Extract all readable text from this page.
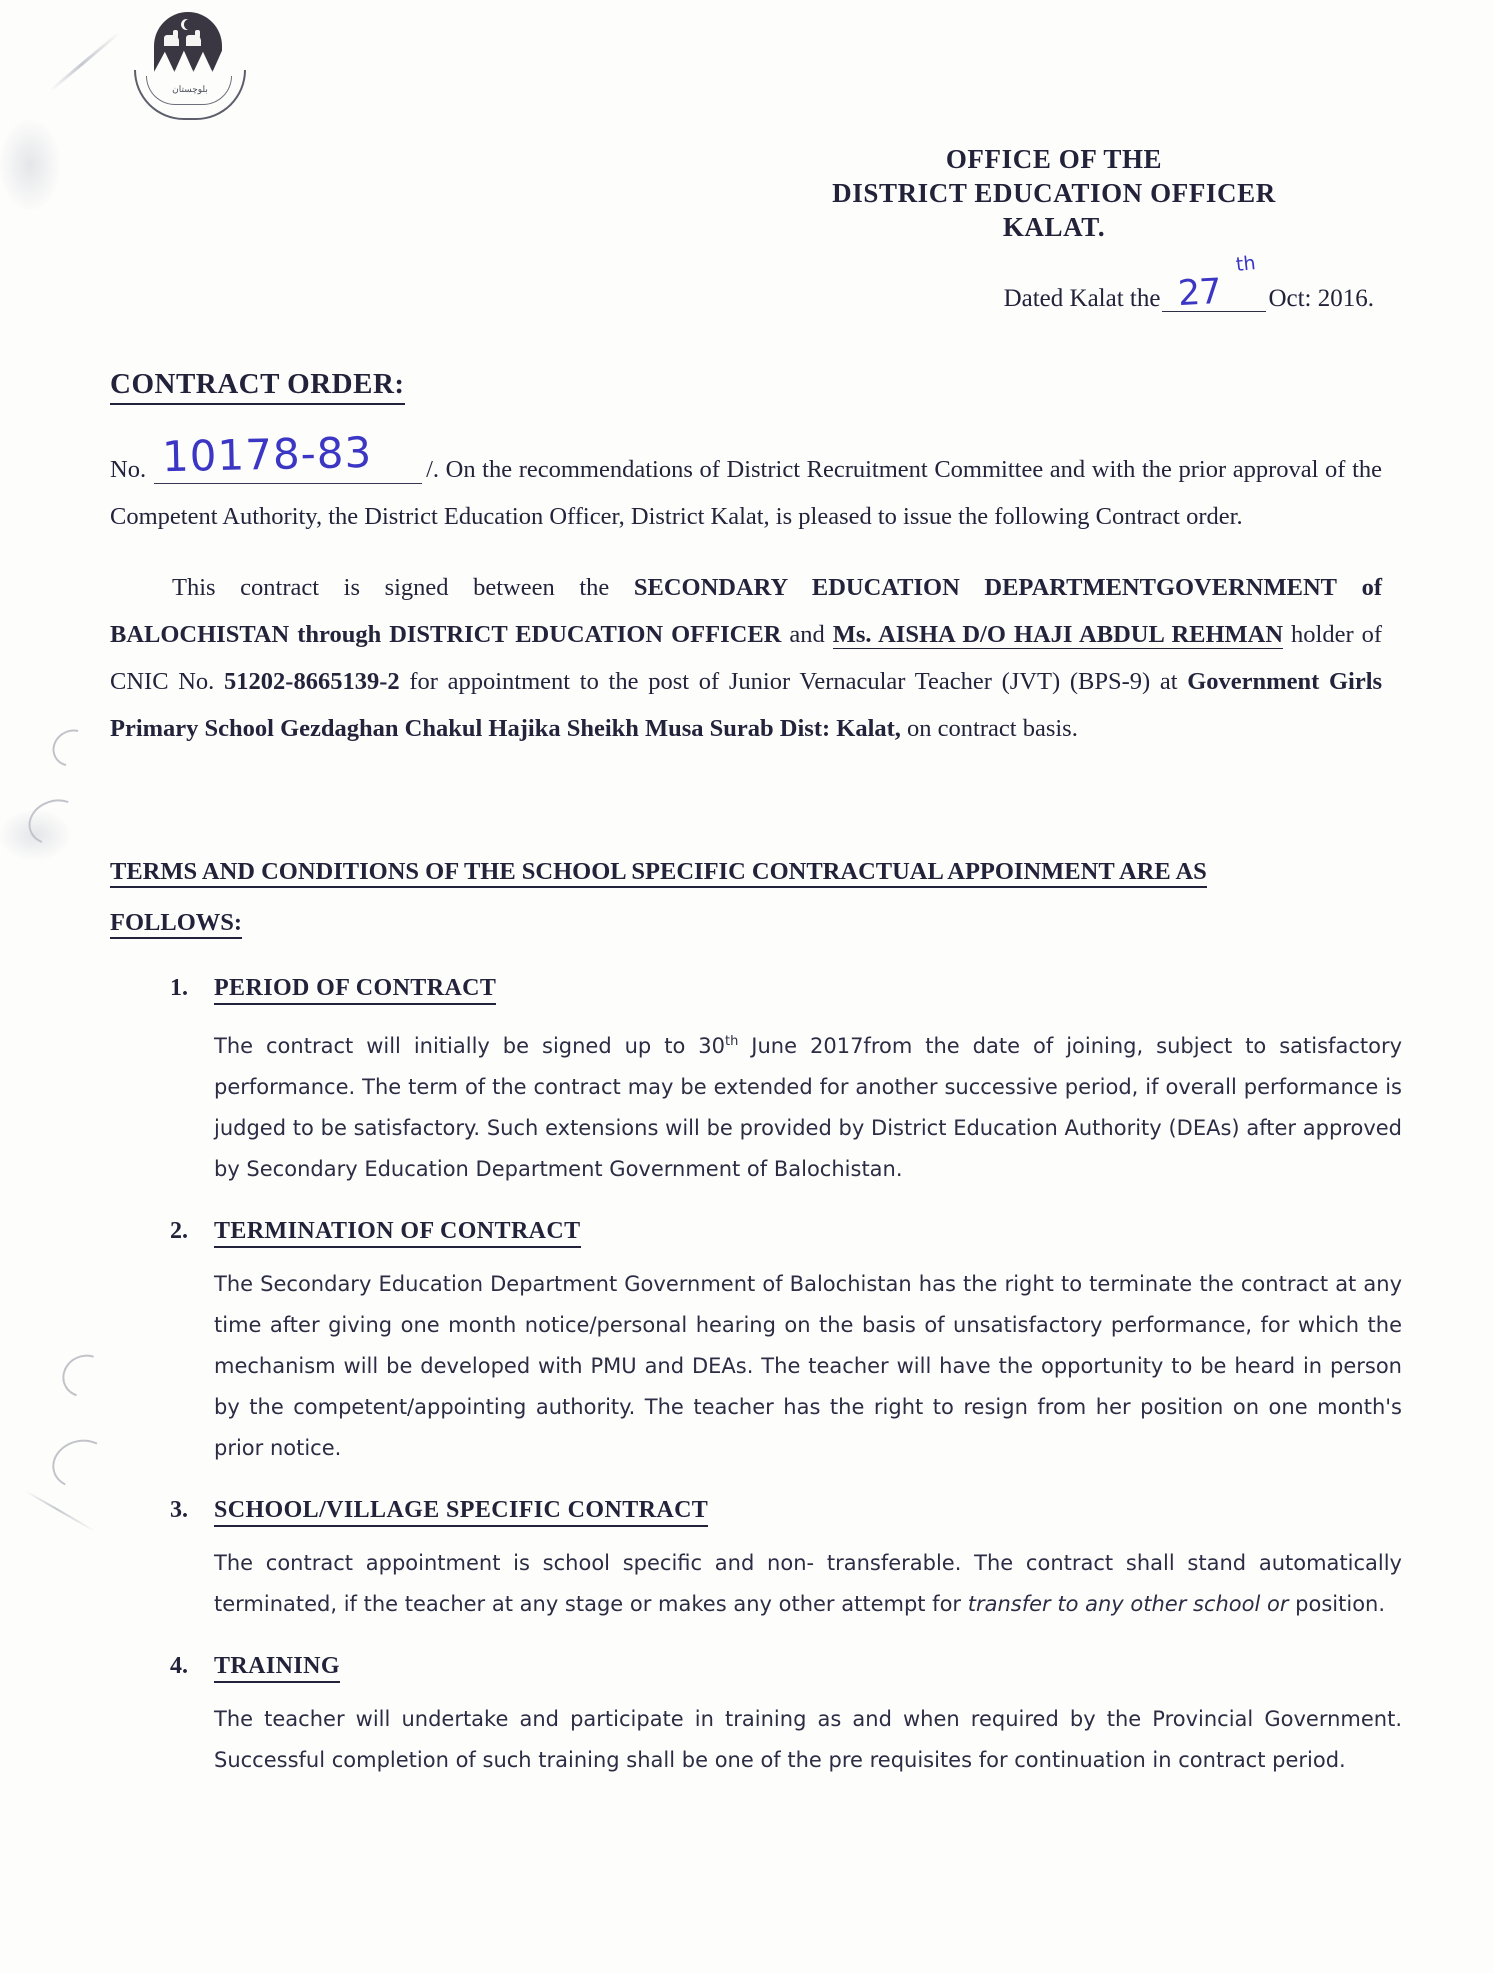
بلوچستان
OFFICE OF THE
DISTRICT EDUCATION OFFICER
KALAT.
Dated Kalat the 27
th
Oct: 2016.
CONTRACT ORDER:

No. 10178-83 /. On the recommendations of District Recruitment Committee and with the prior approval of the Competent Authority, the District Education Officer, District Kalat, is pleased to issue the following Contract order.

This contract is signed between the SECONDARY EDUCATION DEPARTMENTGOVERNMENT of BALOCHISTAN through DISTRICT EDUCATION OFFICER and Ms. AISHA D/O HAJI ABDUL REHMAN holder of CNIC No. 51202-8665139-2 for appointment to the post of Junior Vernacular Teacher (JVT) (BPS-9) at Government Girls Primary School Gezdaghan Chakul Hajika Sheikh Musa Surab Dist: Kalat, on contract basis.

TERMS AND CONDITIONS OF THE SCHOOL SPECIFIC CONTRACTUAL APPOINMENT ARE AS
FOLLOWS:
1.	PERIOD OF CONTRACT
The contract will initially be signed up to 30th June 2017from the date of joining, subject to satisfactory performance. The term of the contract may be extended for another successive period, if overall performance is judged to be satisfactory. Such extensions will be provided by District Education Authority (DEAs) after approved by Secondary Education Department Government of Balochistan.
2.	TERMINATION OF CONTRACT
The Secondary Education Department Government of Balochistan has the right to terminate the contract at any time after giving one month notice/personal hearing on the basis of unsatisfactory performance, for which the mechanism will be developed with PMU and DEAs. The teacher will have the opportunity to be heard in person by the competent/appointing authority. The teacher has the right to resign from her position on one month's prior notice.
3.	SCHOOL/VILLAGE SPECIFIC CONTRACT
The contract appointment is school specific and non- transferable. The contract shall stand automatically terminated, if the teacher at any stage or makes any other attempt for transfer to any other school or position.
4.	TRAINING
The teacher will undertake and participate in training as and when required by the Provincial Government. Successful completion of such training shall be one of the pre requisites for continuation in contract period.
